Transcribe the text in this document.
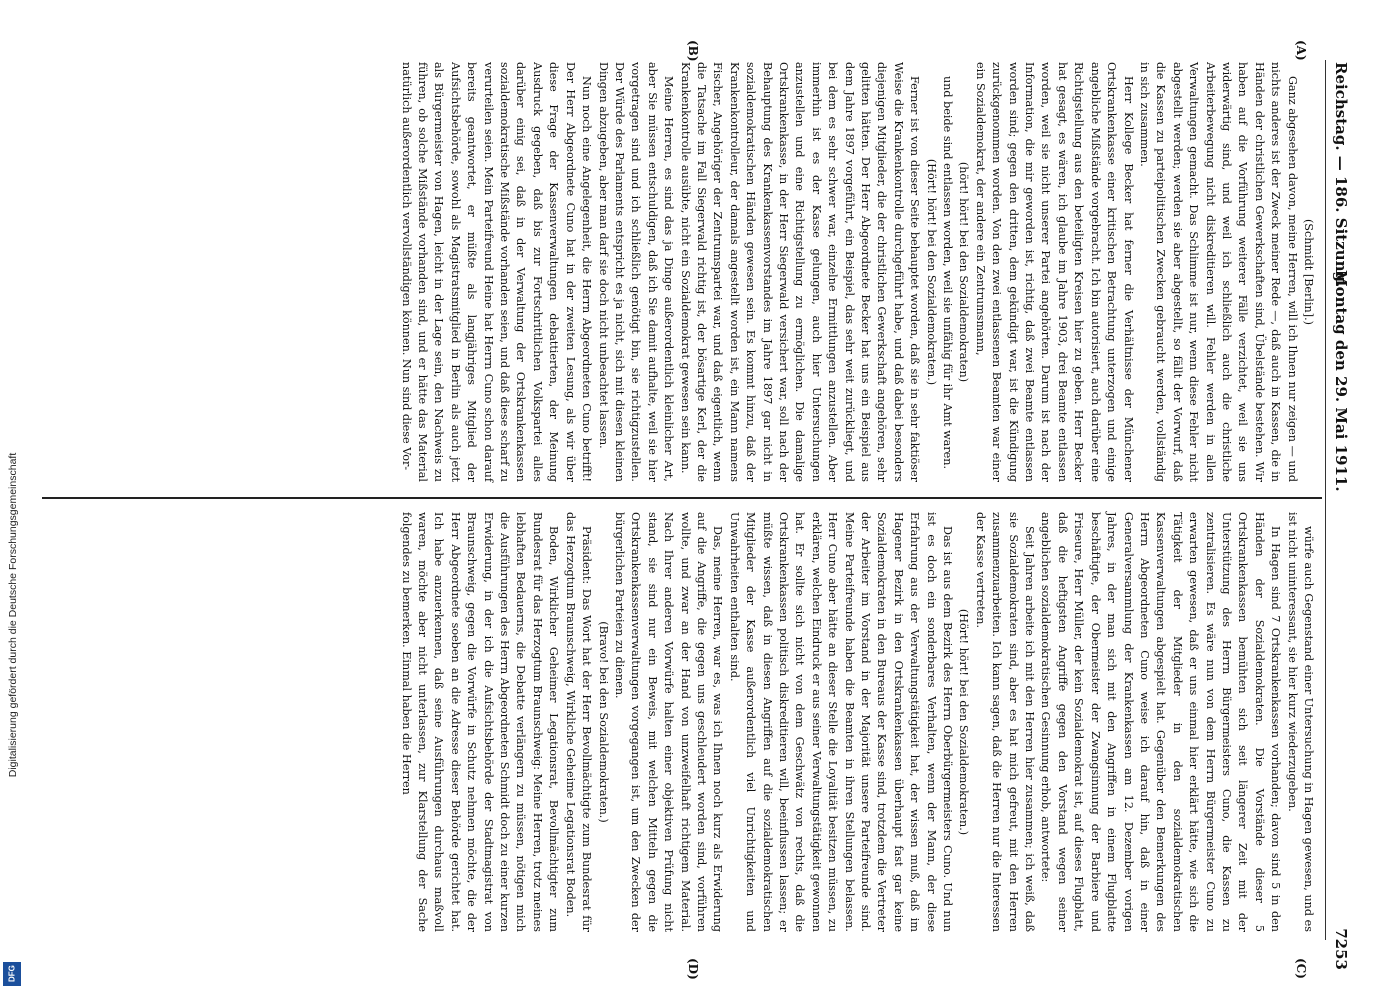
Digitalisierung gefördert durch die Deutsche Forschungsgemeinschaft
DFG
Reichstag. — 186. Sitzung.
Montag den 29. Mai 1911.
7253
(A)
(B)
(C)
(D)

(Schmidt [Berlin].)

Ganz abgesehen davon, meine Herren, will ich Ihnen nur zeigen — und nichts anderes ist der Zweck meiner Rede —, daß auch in Kassen, die in Händen der christlichen Gewerkschaften sind, Übelstände bestehen. Wir haben auf die Vorführung weiterer Fälle verzichtet, weil sie uns widerwärtig sind, und weil ich schließlich auch die christliche Arbeiterbewegung nicht diskreditieren will. Fehler werden in allen Verwaltungen gemacht. Das Schlimme ist nur, wenn diese Fehler nicht abgestellt werden; werden sie aber abgestellt, so fällt der Vorwurf, daß die Kassen zu parteipolitischen Zwecken gebraucht werden, vollständig in sich zusammen.

Herr Kollege Becker hat ferner die Verhältnisse der Münchener Ortskrankenkasse einer kritischen Betrachtung unterzogen und einige angebliche Mißstände vorgebracht. Ich bin autorisiert, auch darüber eine Richtigstellung aus den beteiligten Kreisen hier zu geben. Herr Becker hat gesagt, es wären, ich glaube im Jahre 1903, drei Beamte entlassen worden, weil sie nicht unserer Partei angehörten. Darum ist nach der Information, die mir geworden ist, richtig, daß zwei Beamte entlassen worden sind; gegen den dritten, dem gekündigt war, ist die Kündigung zurückgenommen worden. Von den zwei entlassenen Beamten war einer ein Sozialdemokrat, der andere ein Zentrumsmann,

(hört! hört! bei den Sozialdemokraten)

und beide sind entlassen worden, weil sie unfähig für ihr Amt waren.

(Hört! hört! bei den Sozialdemokraten.)

Ferner ist von dieser Seite behauptet worden, daß sie in sehr faktiöser Weise die Krankenkontrolle durchgeführt habe, und daß dabei besonders diejenigen Mitglieder, die der christlichen Gewerkschaft angehören, sehr gelitten hätten. Der Herr Abgeordnete Becker hat uns ein Beispiel aus dem Jahre 1897 vorgeführt, ein Beispiel, das sehr weit zurückliegt, und bei dem es sehr schwer war, einzelne Ermittlungen anzustellen. Aber immerhin ist es der Kasse gelungen, auch hier Untersuchungen anzustellen und eine Richtigstellung zu ermöglichen. Die damalige Ortskrankenkasse, in der Herr Siegerwald versichert war, soll nach der Behauptung des Krankenkassenvorstandes im Jahre 1897 gar nicht in sozialdemokratischen Händen gewesen sein. Es kommt hinzu, daß der Krankenkontrolleur, der damals angestellt worden ist, ein Mann namens Fischer, Angehöriger der Zentrumspartei war, und daß eigentlich, wenn die Tatsache im Fall Siegerwald richtig ist, der bösartige Kerl, der die Krankenkontrolle ausübte, nicht ein Sozialdemokrat gewesen sein kann.

Meine Herren, es sind das ja Dinge außerordentlich kleinlicher Art, aber Sie müssen entschuldigen, daß ich Sie damit aufhalte, weil sie hier vorgetragen sind und ich schließlich genötigt bin, sie richtigzustellen. Der Würde des Parlaments entspricht es ja nicht, sich mit diesen kleinen Dingen abzugeben, aber man darf sie doch nicht unbeachtet lassen.

Nun noch eine Angelegenheit, die Herrn Abgeordneten Cuno betrifft! Der Herr Abgeordnete Cuno hat in der zweiten Lesung, als wir über diese Frage der Kassenverwaltungen debattierten, der Meinung Ausdruck gegeben, daß bis zur Fortschrittlichen Volkspartei alles darüber einig sei, daß in der Verwaltung der Ortskrankenkassen sozialdemokratische Mißstände vorhanden seien, und daß diese scharf zu verurteilen seien. Mein Parteifreund Heine hat Herrn Cuno schon darauf bereits geantwortet, er müßte als langjähriges Mitglied der Aufsichtsbehörde, sowohl als Magistratsmitglied in Berlin als auch jetzt als Bürgermeister von Hagen, leicht in der Lage sein, den Nachweis zu führen, ob solche Mißstände vorhanden sind, und er hätte das Material natürlich außerordentlich vervollständigen können. Nun sind diese Vor-

würfe auch Gegenstand einer Untersuchung in Hagen gewesen, und es ist nicht uninteressant, sie hier kurz wiederzugeben.

In Hagen sind 7 Ortskrankenkassen vorhanden; davon sind 5 in den Händen der Sozialdemokraten. Die Vorstände dieser 5 Ortskrankenkassen bemühten sich seit längerer Zeit mit der Unterstützung des Herrn Bürgermeisters Cuno, die Kassen zu zentralisieren. Es wäre nun von dem Herrn Bürgermeister Cuno zu erwarten gewesen, daß er uns einmal hier erklärt hätte, wie sich die Tätigkeit der Mitglieder in den sozialdemokratischen Kassenverwaltungen abgespielt hat. Gegenüber den Bemerkungen des Herrn Abgeordneten Cuno weise ich darauf hin, daß in einer Generalversammlung der Krankenkassen am 12. Dezember vorigen Jahres, in der man sich mit den Angriffen in einem Flugblatte beschäftigte, der Obermeister der Zwangsinnung der Barbiere und Friseure, Herr Müller, der kein Sozialdemokrat ist, auf dieses Flugblatt, daß die heftigsten Angriffe gegen den Vorstand wegen seiner angeblichen sozialdemokratischen Gesinnung erhob, antwortete:

Seit Jahren arbeite ich mit den Herren hier zusammen; ich weiß, daß sie Sozialdemokraten sind, aber es hat mich gefreut, mit den Herren zusammenzuarbeiten. Ich kann sagen, daß die Herren nur die Interessen der Kasse vertreten.

(Hört! hört! bei den Sozialdemokraten.)

Das ist aus dem Bezirk des Herrn Oberbürgermeisters Cuno. Und nun ist es doch ein sonderbares Verhalten, wenn der Mann, der diese Erfahrung aus der Verwaltungstätigkeit hat, der wissen muß, daß im Hagener Bezirk in den Ortskrankenkassen überhaupt fast gar keine Sozialdemokraten in den Bureaus der Kasse sind, trotzdem die Vertreter der Arbeiter im Vorstand in der Majorität unsere Parteifreunde sind. Meine Parteifreunde haben die Beamten in ihren Stellungen belassen. Herr Cuno aber hätte an dieser Stelle die Loyalität besitzen müssen, zu erklären, welchen Eindruck er aus seiner Verwaltungstätigkeit gewonnen hat. Er sollte sich nicht von dem Geschwätz von rechts, daß die Ortskrankenkassen politisch diskreditieren will, beeinflussen lassen; er müßte wissen, daß in diesen Angriffen auf die sozialdemokratischen Mitglieder der Kasse außerordentlich viel Unrichtigkeiten und Unwahrheiten enthalten sind.

Das, meine Herren, war es, was ich Ihnen noch kurz als Erwiderung auf die Angriffe, die gegen uns geschleudert worden sind, vorführen wollte, und zwar an der Hand von unzweifelhaft richtigem Material. Nach Ihrer anderen Vorwürfe halten einer objektiven Prüfung nicht stand, sie sind nur ein Beweis, mit welchen Mitteln gegen die Ortskrankenkassenverwaltungen vorgegangen ist, um den Zwecken der bürgerlichen Parteien zu dienen.

(Bravo! bei den Sozialdemokraten.)

Präsident: Das Wort hat der Herr Bevollmächtigte zum Bundesrat für das Herzogtum Braunschweig, Wirkliche Geheime Legationsrat Boden.

Boden, Wirklicher Geheimer Legationsrat, Bevollmächtigter zum Bundesrat für das Herzogtum Braunschweig: Meine Herren, trotz meines lebhaften Bedauerns, die Debatte verlängern zu müssen, nötigen mich die Ausführungen des Herrn Abgeordneten Schmidt doch zu einer kurzen Erwiderung, in der ich die Aufsichtsbehörde der Stadtmagistrat von Braunschweig, gegen die Vorwürfe in Schutz nehmen möchte, die der Herr Abgeordnete soeben an die Adresse dieser Behörde gerichtet hat. Ich habe anzuerkennen, daß seine Ausführungen durchaus maßvoll waren, möchte aber nicht unterlassen, zur Klarstellung der Sache folgendes zu bemerken. Einmal haben die Herren
